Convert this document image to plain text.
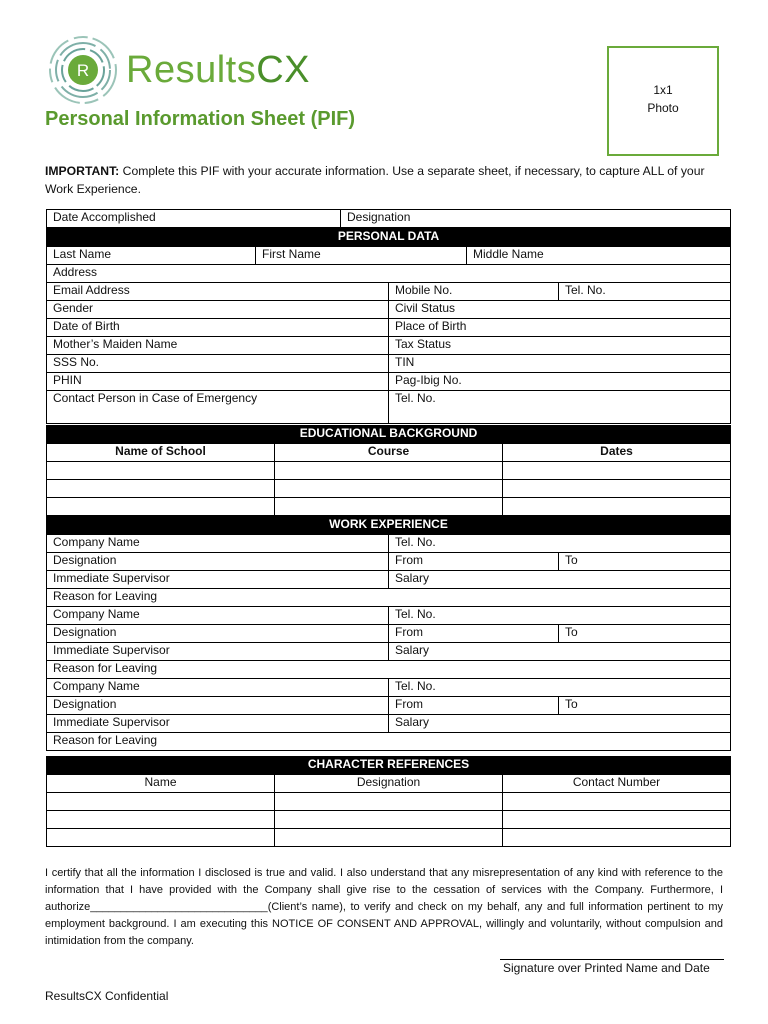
R ResultsCX
Personal Information Sheet (PIF)
1x1
Photo
IMPORTANT: Complete this PIF with your accurate information. Use a separate sheet, if necessary, to capture ALL of your Work Experience.
Date Accomplished	Designation
PERSONAL DATA				
Last Name	First Name		Middle Name	
Address				
Email Address		Mobile No.		Tel. No.
Gender		Civil Status		
Date of Birth		Place of Birth		
Mother’s Maiden Name		Tax Status		
SSS No.		TIN		
PHIN		Pag-Ibig No.		
Contact Person in Case of Emergency		Tel. No.		
EDUCATIONAL BACKGROUND		
Name of School	Course	Dates

WORK EXPERIENCE		
Company Name	Tel. No.	
Designation	From	To
Immediate Supervisor	Salary	
Reason for Leaving		
Company Name	Tel. No.	
Designation	From	To
Immediate Supervisor	Salary	
Reason for Leaving		
Company Name	Tel. No.	
Designation	From	To
Immediate Supervisor	Salary	
Reason for Leaving		
CHARACTER REFERENCES		
Name	Designation	Contact Number

I certify that all the information I disclosed is true and valid. I also understand that any misrepresentation of any kind with reference to the information that I have provided with the Company shall give rise to the cessation of services with the Company. Furthermore, I authorize_____________________________(Client’s name), to verify and check on my behalf, any and full information pertinent to my employment background. I am executing this NOTICE OF CONSENT AND APPROVAL, willingly and voluntarily, without compulsion and intimidation from the company.
Signature over Printed Name and Date
ResultsCX Confidential
